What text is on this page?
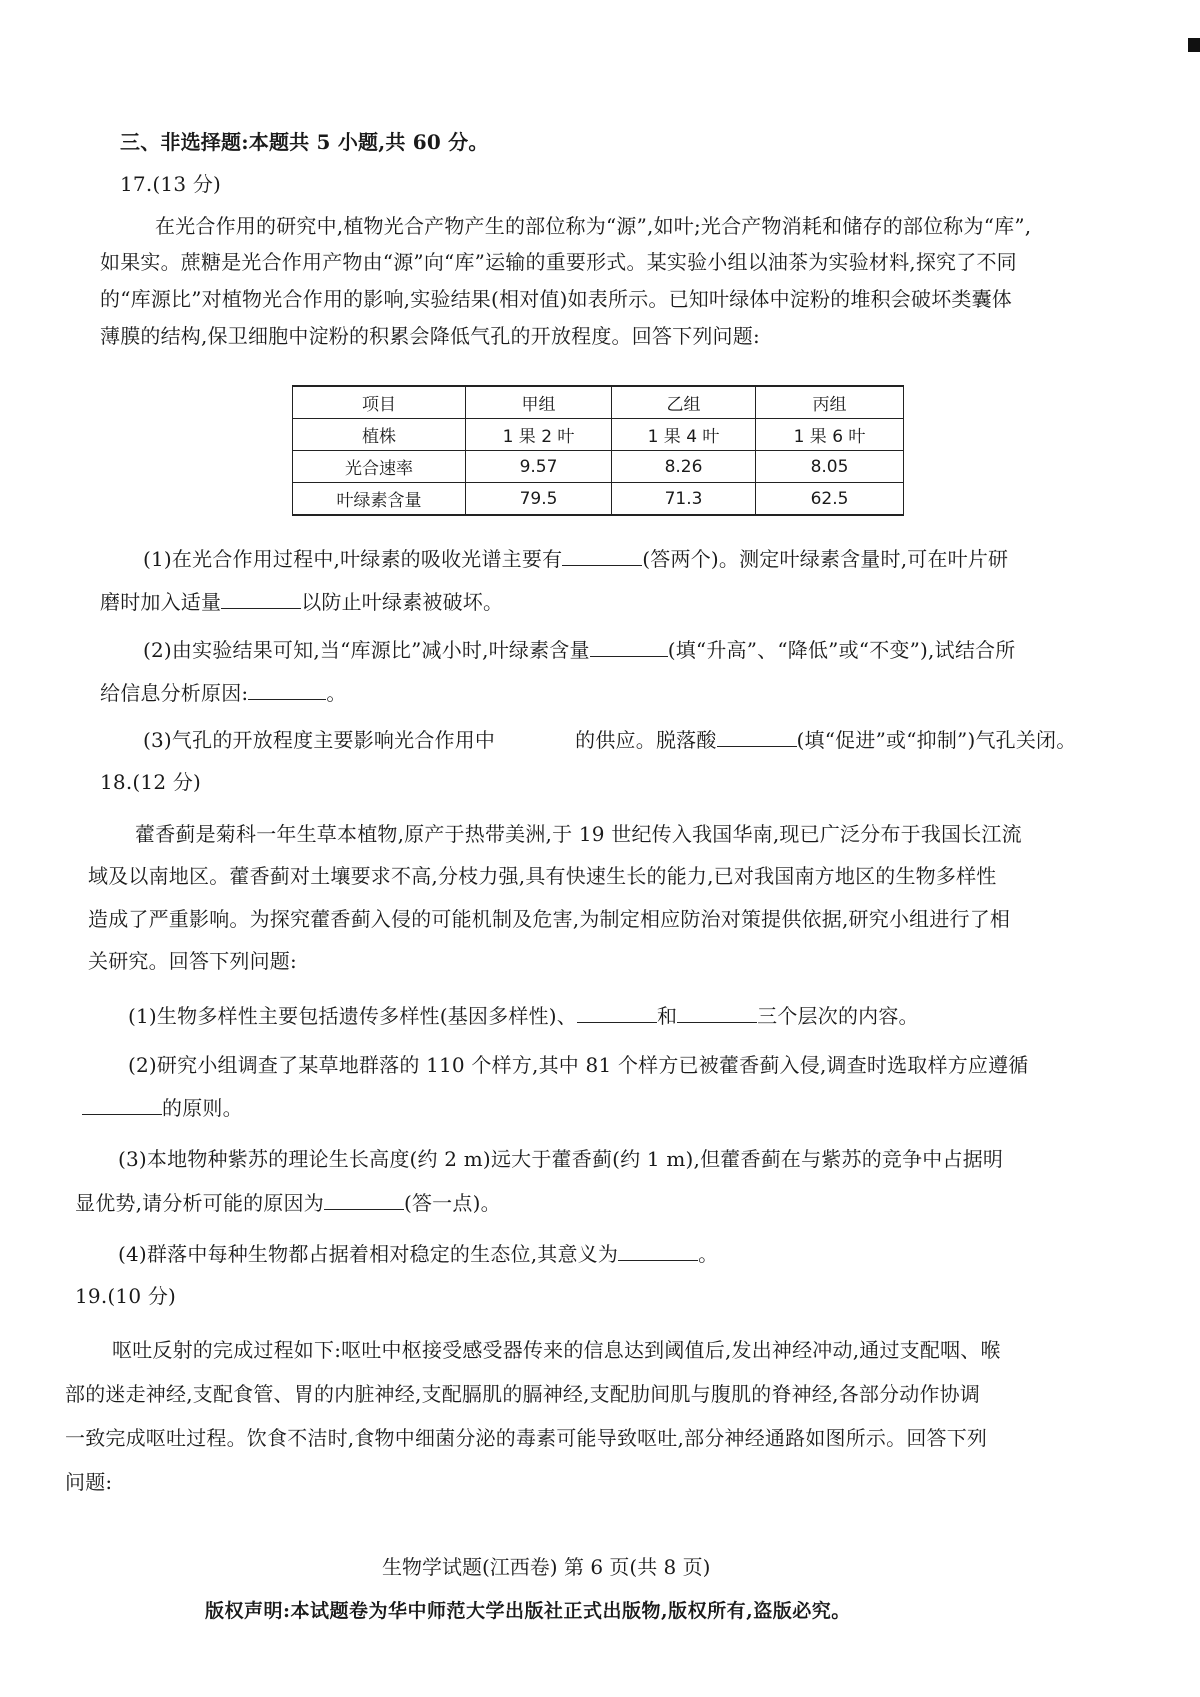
三、非选择题:本题共 5 小题,共 60 分。
17.(13 分)
在光合作用的研究中,植物光合产物产生的部位称为“源”,如叶;光合产物消耗和储存的部位称为“库”,
如果实。蔗糖是光合作用产物由“源”向“库”运输的重要形式。某实验小组以油茶为实验材料,探究了不同
的“库源比”对植物光合作用的影响,实验结果(相对值)如表所示。已知叶绿体中淀粉的堆积会破坏类囊体
薄膜的结构,保卫细胞中淀粉的积累会降低气孔的开放程度。回答下列问题:
项目	甲组	乙组	丙组
植株	1 果 2 叶	1 果 4 叶	1 果 6 叶
光合速率	9.57	8.26	8.05
叶绿素含量	79.5	71.3	62.5
(1)在光合作用过程中,叶绿素的吸收光谱主要有	(答两个)。测定叶绿素含量时,可在叶片研
磨时加入适量	以防止叶绿素被破坏。
(2)由实验结果可知,当“库源比”减小时,叶绿素含量	(填“升高”、“降低”或“不变”),试结合所
给信息分析原因:	。
(3)气孔的开放程度主要影响光合作用中	的供应。脱落酸	(填“促进”或“抑制”)气孔关闭。
18.(12 分)
藿香蓟是菊科一年生草本植物,原产于热带美洲,于 19 世纪传入我国华南,现已广泛分布于我国长江流
域及以南地区。藿香蓟对土壤要求不高,分枝力强,具有快速生长的能力,已对我国南方地区的生物多样性
造成了严重影响。为探究藿香蓟入侵的可能机制及危害,为制定相应防治对策提供依据,研究小组进行了相
关研究。回答下列问题:
(1)生物多样性主要包括遗传多样性(基因多样性)、	和	三个层次的内容。
(2)研究小组调查了某草地群落的 110 个样方,其中 81 个样方已被藿香蓟入侵,调查时选取样方应遵循
的原则。
(3)本地物种紫苏的理论生长高度(约 2 m)远大于藿香蓟(约 1 m),但藿香蓟在与紫苏的竞争中占据明
显优势,请分析可能的原因为	(答一点)。
(4)群落中每种生物都占据着相对稳定的生态位,其意义为	。
19.(10 分)
呕吐反射的完成过程如下:呕吐中枢接受感受器传来的信息达到阈值后,发出神经冲动,通过支配咽、喉
部的迷走神经,支配食管、胃的内脏神经,支配膈肌的膈神经,支配肋间肌与腹肌的脊神经,各部分动作协调
一致完成呕吐过程。饮食不洁时,食物中细菌分泌的毒素可能导致呕吐,部分神经通路如图所示。回答下列
问题:
生物学试题(江西卷) 第 6 页(共 8 页)
版权声明:本试题卷为华中师范大学出版社正式出版物,版权所有,盗版必究。
